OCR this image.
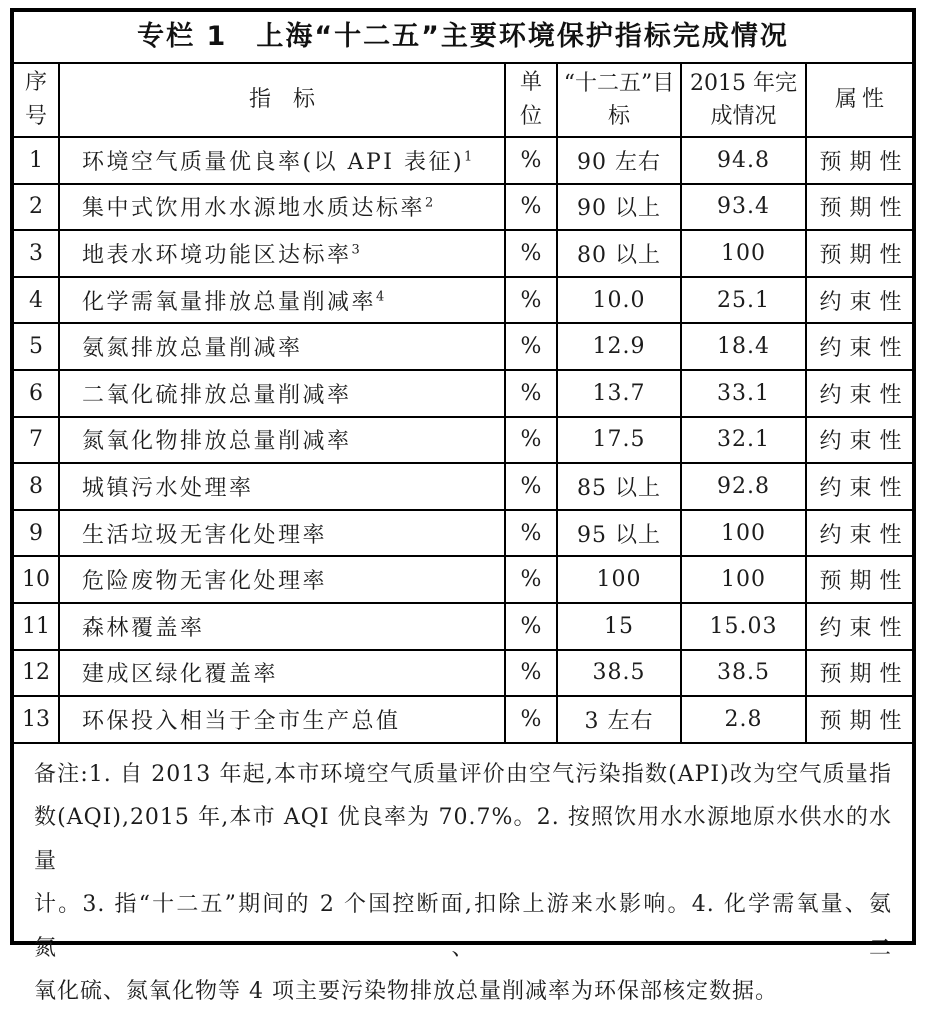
专栏 1　上海“十二五”主要环境保护指标完成情况
序号	指　标	单位	“十二五”目标	2015 年完成情况	属性
1	环境空气质量优良率(以 API 表征)$^1$	%	90 左右	94.8	预期性
2	集中式饮用水水源地水质达标率$^2$	%	90 以上	93.4	预期性
3	地表水环境功能区达标率$^3$	%	80 以上	100	预期性
4	化学需氧量排放总量削减率$^4$	%	10.0	25.1	约束性
5	氨氮排放总量削减率	%	12.9	18.4	约束性
6	二氧化硫排放总量削减率	%	13.7	33.1	约束性
7	氮氧化物排放总量削减率	%	17.5	32.1	约束性
8	城镇污水处理率	%	85 以上	92.8	约束性
9	生活垃圾无害化处理率	%	95 以上	100	约束性
10	危险废物无害化处理率	%	100	100	预期性
11	森林覆盖率	%	15	15.03	约束性
12	建成区绿化覆盖率	%	38.5	38.5	预期性
13	环保投入相当于全市生产总值	%	3 左右	2.8	预期性
备注:1. 自 2013 年起,本市环境空气质量评价由空气污染指数(API)改为空气质量指
数(AQI),2015 年,本市 AQI 优良率为 70.7%。2. 按照饮用水水源地原水供水的水量
计。3. 指“十二五”期间的 2 个国控断面,扣除上游来水影响。4. 化学需氧量、氨氮、二
氧化硫、氮氧化物等 4 项主要污染物排放总量削减率为环保部核定数据。
